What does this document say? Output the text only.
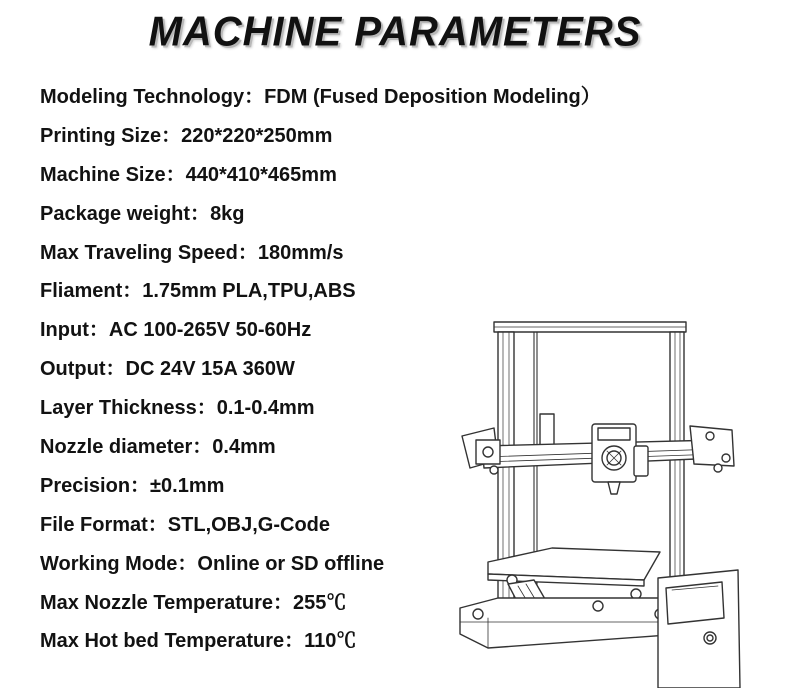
MACHINE PARAMETERS
Modeling Technology：FDM (Fused Deposition Modeling）
Printing Size：220*220*250mm
Machine Size：440*410*465mm
Package weight：8kg
Max Traveling Speed：180mm/s
Fliament：1.75mm PLA,TPU,ABS
Input：AC 100-265V 50-60Hz
Output：DC 24V 15A 360W
Layer Thickness：0.1-0.4mm
Nozzle diameter：0.4mm
Precision：±0.1mm
File Format：STL,OBJ,G-Code
Working Mode：Online or SD offline
Max Nozzle Temperature：255℃
Max Hot bed Temperature：110℃
